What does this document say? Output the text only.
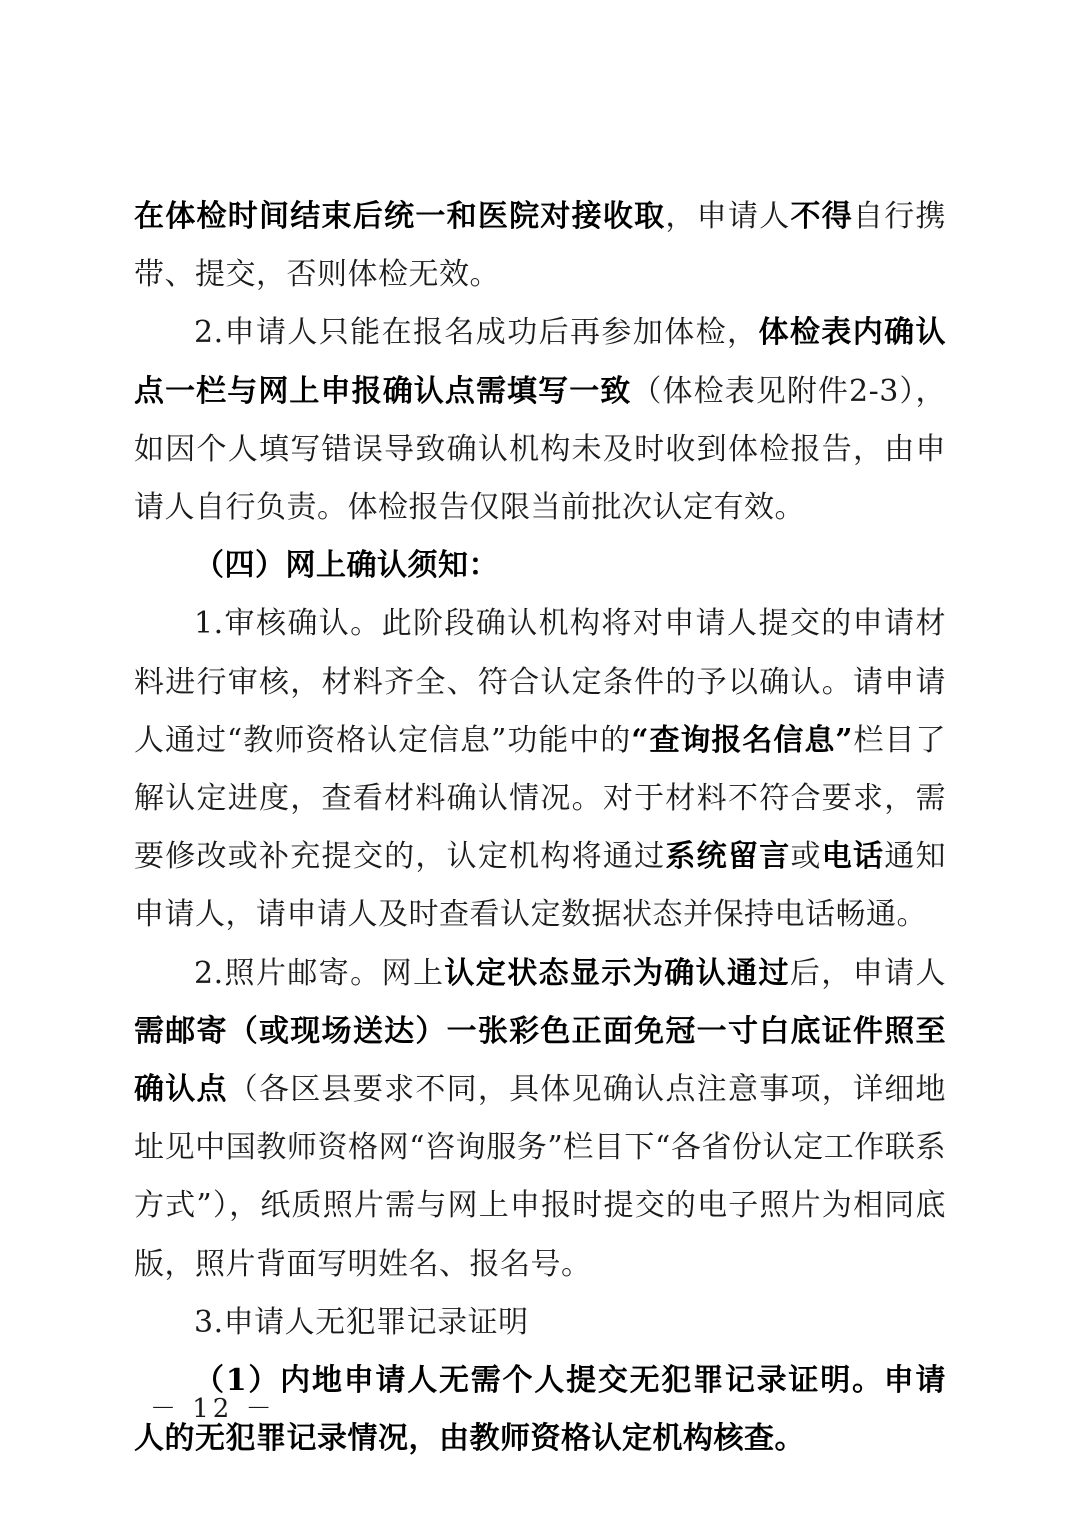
在体检时间结束后统一和医院对接收取，申请人不得自行携带、提交，否则体检无效。

2.申请人只能在报名成功后再参加体检，体检表内确认点一栏与网上申报确认点需填写一致（体检表见附件2-3），如因个人填写错误导致确认机构未及时收到体检报告，由申请人自行负责。体检报告仅限当前批次认定有效。

（四）网上确认须知：

1.审核确认。此阶段确认机构将对申请人提交的申请材料进行审核，材料齐全、符合认定条件的予以确认。请申请人通过“教师资格认定信息”功能中的“查询报名信息”栏目了解认定进度，查看材料确认情况。对于材料不符合要求，需要修改或补充提交的，认定机构将通过系统留言或电话通知申请人，请申请人及时查看认定数据状态并保持电话畅通。

2.照片邮寄。网上认定状态显示为确认通过后，申请人需邮寄（或现场送达）一张彩色正面免冠一寸白底证件照至确认点（各区县要求不同，具体见确认点注意事项，详细地址见中国教师资格网“咨询服务”栏目下“各省份认定工作联系方式”），纸质照片需与网上申报时提交的电子照片为相同底版，照片背面写明姓名、报名号。

3.申请人无犯罪记录证明

（1）内地申请人无需个人提交无犯罪记录证明。申请人的无犯罪记录情况，由教师资格认定机构核查。

－ 12 －
